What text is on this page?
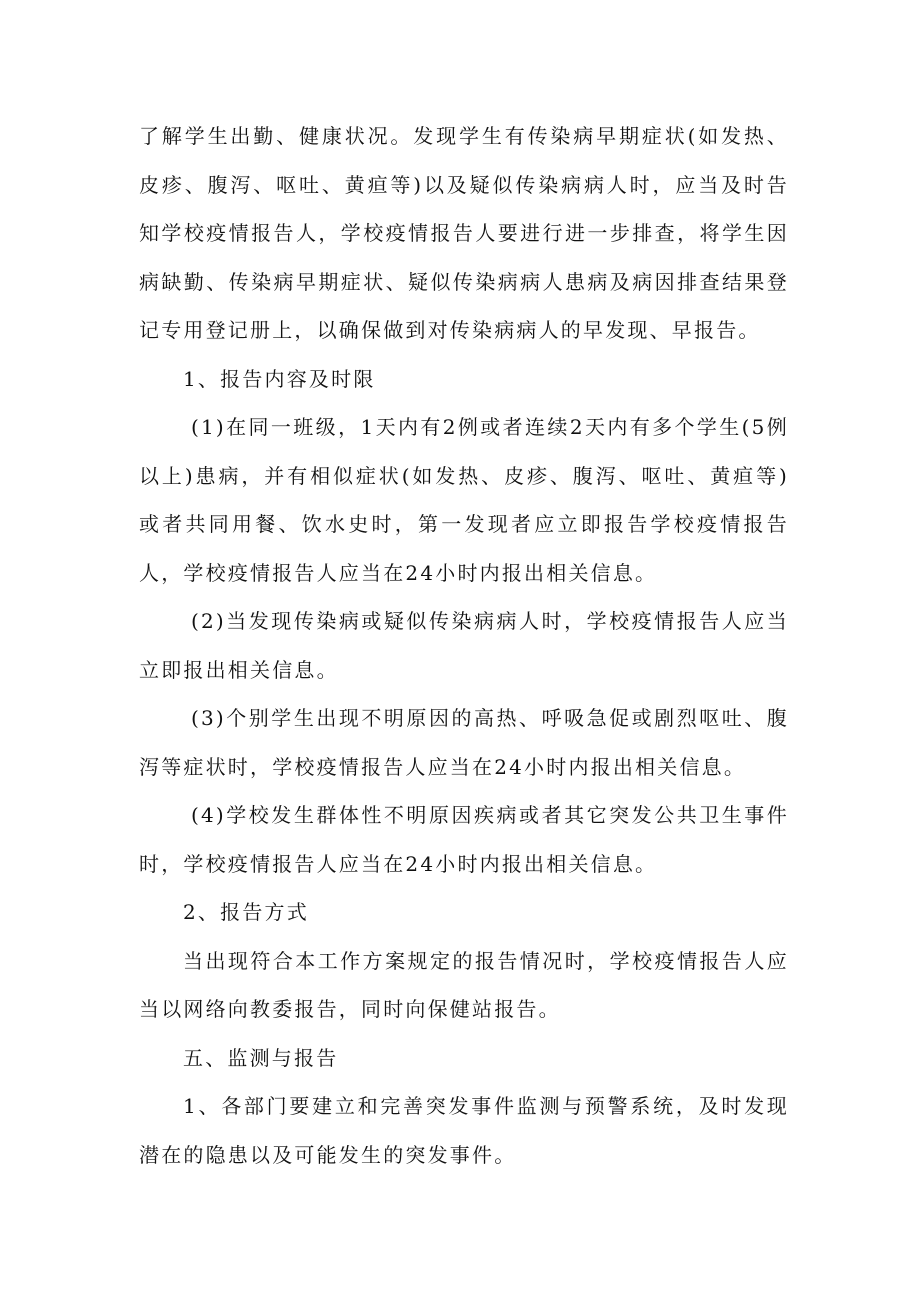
了解学生出勤、健康状况。发现学生有传染病早期症状(如发热、皮疹、腹泻、呕吐、黄疸等)以及疑似传染病病人时，应当及时告知学校疫情报告人，学校疫情报告人要进行进一步排查，将学生因病缺勤、传染病早期症状、疑似传染病病人患病及病因排查结果登记专用登记册上，以确保做到对传染病病人的早发现、早报告。

1、报告内容及时限

(1)在同一班级，1天内有2例或者连续2天内有多个学生(5例以上)患病，并有相似症状(如发热、皮疹、腹泻、呕吐、黄疸等)或者共同用餐、饮水史时，第一发现者应立即报告学校疫情报告人，学校疫情报告人应当在24小时内报出相关信息。

(2)当发现传染病或疑似传染病病人时，学校疫情报告人应当立即报出相关信息。

(3)个别学生出现不明原因的高热、呼吸急促或剧烈呕吐、腹泻等症状时，学校疫情报告人应当在24小时内报出相关信息。

(4)学校发生群体性不明原因疾病或者其它突发公共卫生事件时，学校疫情报告人应当在24小时内报出相关信息。

2、报告方式

当出现符合本工作方案规定的报告情况时，学校疫情报告人应当以网络向教委报告，同时向保健站报告。

五、监测与报告

1、各部门要建立和完善突发事件监测与预警系统，及时发现潜在的隐患以及可能发生的突发事件。
